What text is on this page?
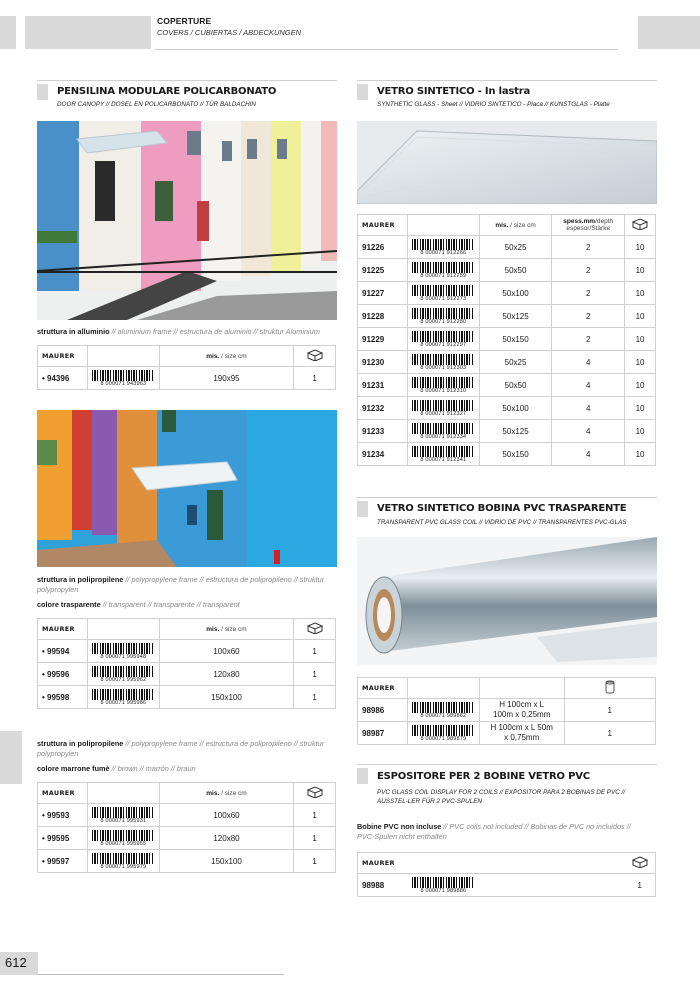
COPERTURE
COVERS / CUBIERTAS / ABDECKUNGEN
PENSILINA MODULARE POLICARBONATO
DOOR CANOPY // DOSEL EN POLICARBONATO // TÜR BALDACHIN
struttura in alluminio // aluminium frame // estructura de aluminio // struktur Aluminium
MAURER		mis. / size cm	
• 94396	8 000071 943963	190x95	1
struttura in polipropilene // polypropylene frame // estructura de polipropileno // struktur polypropylen
colore trasparente // transparent // transparente // transparent
MAURER		mis. / size cm	
• 99594	8 000071 995948	100x60	1
• 99596	8 000071 995962	120x80	1
• 99598	8 000071 995986	150x100	1
struttura in polipropilene // polypropylene frame // estructura de polipropileno // struktur polypropylen
colore marrone fumè // brown // marrón // braun
MAURER		mis. / size cm	
• 99593	8 000071 995931	100x60	1
• 99595	8 000071 995955	120x80	1
• 99597	8 000071 995979	150x100	1
VETRO SINTETICO - In lastra
SYNTHETIC GLASS - Sheet // VIDRIO SINTETICO - Placa // KUNSTGLAS - Platte
MAURER		mis. / size cm	spess.mm/depth
espesor/Stärke	
91226	8 000071 912266	50x25	2	10
91225	8 000071 912259	50x50	2	10
91227	8 000071 912273	50x100	2	10
91228	8 000071 912280	50x125	2	10
91229	8 000071 912297	50x150	2	10
91230	8 000071 912303	50x25	4	10
91231	8 000071 912310	50x50	4	10
91232	8 000071 912327	50x100	4	10
91233	8 000071 912334	50x125	4	10
91234	8 000071 912341	50x150	4	10
VETRO SINTETICO BOBINA PVC TRASPARENTE
TRANSPARENT PVC GLASS COIL // VIDRIO DE PVC // TRANSPARENTES PVC-GLAS
MAURER			
98986	8 000071 989862	H 100cm x L
100m x 0,25mm	1
98987	8 000071 989879	H 100cm x L 50m
x 0,75mm	1
ESPOSITORE PER 2 BOBINE VETRO PVC
PVC GLASS COIL DISPLAY FOR 2 COILS // EXPOSITOR PARA 2 BOBINAS DE PVC // AUSSTEL-LER FÜR 2 PVC-SPULEN
Bobine PVC non incluse // PVC coils not included // Bobinas de PVC no incluidos // PVC-Spulen nicht enthalten
MAURER			
98988	8 000071 989886		1
612
